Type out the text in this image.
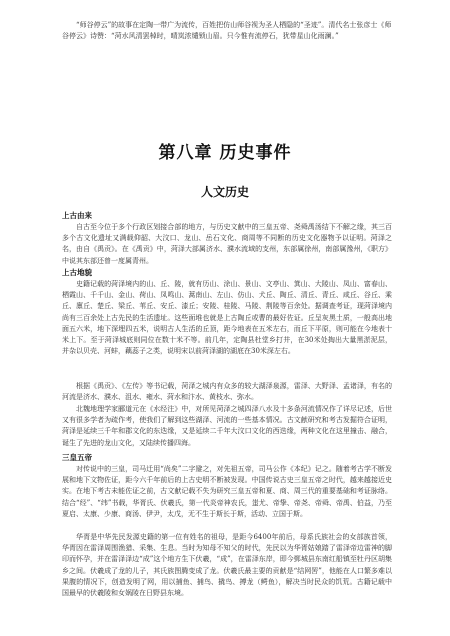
“师谷停云”的故事在定陶一带广为流传，百姓把仿山师谷视为圣人栖隐的“圣迹”。清代名士张彦士《师谷停云》诗赞：“菏水风清罢棹时，晴岚浓缱锁山眉。只今惟有流停石，犹带星山化雨澜。”

第八章 历史事件
人文历史
上古由来

自古至今位于多个行政区划接合部的地方，与历史文献中的三皇五帝、尧舜禹汤结下不解之缘，其三百多个古文化遗址又满载仰韶、大汶口、龙山、岳石文化、商周等不同断的历史文化器物予以证明。菏泽之名，由自《禹贡》。在《禹贡》中，菏泽大部属济水、濮水流域的支州，东部属徐州，南部属豫州，《职方》中说其东部还曾一度属青州。

上古地貌

史籍记载的菏泽境内的山、丘、陵，就有历山、涂山、景山、文亭山、箕山、大陵山、凤山、富春山、栖霞山、千千山、金山、荷山、凤鸣山、蒿南山、左山、仿山、犬丘、陶丘、清丘、青丘、咸丘、谷丘、乘丘、廪丘、楚丘、梁丘、苇丘、安丘、漆丘；安陵、桂陵、马陵、荆陵等百余处。据调查考证，现菏泽境内尚有三百余处上古先民的生活遗址。这些面堆也就是上古陶丘或曹的最好佐证。丘呈灰黑土质，一般高出地面五六米，地下深埋四五米，说明古人生活的丘顶，距今地表在五米左右，而丘下平原，则可能在今地表十米上下。至于菏泽城底则同位在数十米不等。前几年，定陶县杜堂乡打井，在30米处掏出大量黑淤泥层，并杂以贝壳、河蚌，藕蕊子之类，说明宋以前菏泽湖的湖底在30米深左右。

根据《禹贡》、《左传》等书记载，菏泽之城内有众多的较大湖泽泉源，雷泽、大野泽、孟诸泽，有名的河流是济水、濮水、沮水、雍水、菏水和汴水、黄枝水、弥水。

北魏地理学家郦道元在《水经注》中，对所见菏泽之城四泽八水及十多条河流情况作了详尽记述，后世又有很多学者为疏作考，使我们了解到这些湖泽、河流的一些基本情况。古文献研究和考古发掘符合证明，菏泽是延续三千年和郡文化的东迭缘，又是延续二千年大汶口文化的西迭缘，两种文化在这里撞击、融合，诞生了先进的龙山文化，又陆续传播四海。

三皇五帝

对传说中的三皇，司马迁用“尚矣”二字避之，对先祖五帝，司马公作《本纪》记之。随着考古学不断发展和地下文物佐证，距今六千年前后的上古史明不断被发现。中国传说古史三皇五帝之时代，越来越接近史实。在地下考古未能佐证之前，古文献记载不失为研究三皇五帝和夏、商、周三代的重要基础和考证脉络。结合“经”、“纬”书载，华胥氏、伏羲氏，第一代炎帝神农氏，蚩尤、帝挚、帝尧、帝舜、帝禹、伯益，乃至夏启、太康、少康、商汤、伊尹，太戊，无不生于斯长于斯，活动、立国于斯。

华胥是中华先民发源史籍的第一位有姓名的祖母，是距今6400年前后，母系氏族社会的女部族首领，华胥因在雷泽周围渔猎、采集、生息。当时为知母不知父的时代，先民以为华胥姑娘踏了雷泽帝边雷神的脚印而怀孕，并在雷泽泽边“成”这个地方生下伏羲，“成”，在雷泽东岸，即今鄄城县东南红船镇至牡丹区胡集乡之间。伏羲成了龙的儿子，其氏族图腾变成了龙。伏羲氏最主要的贡献是“结网罟”，他能在人口繁多难以果腹的情况下，创造发明了网，用以捕鱼、捕鸟、撬鸟、搏龙（鳄鱼），解决当时民众的饥荒。古籍记载中国最早的伏羲陵和女娲陵在日野县东境。
